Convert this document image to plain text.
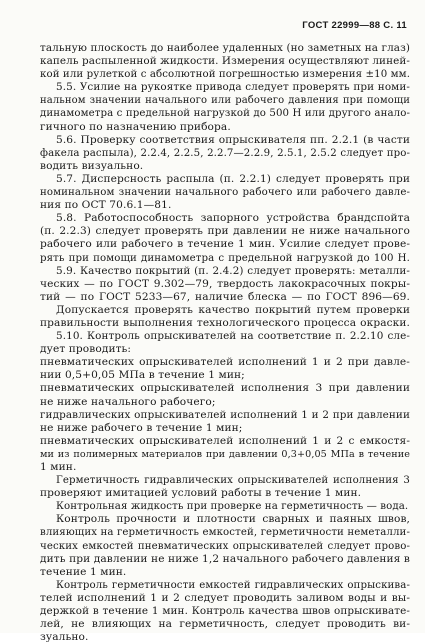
ГОСТ 22999—88 С. 11
тальную плоскость до наиболее удаленных (но заметных на глаз)
капель распыленной жидкости. Измерения осуществляют линей-
кой или рулеткой с абсолютной погрешностью измерения ±10 мм.
5.5. Усилие на рукоятке привода следует проверять при номи-
нальном значении начального или рабочего давления при помощи
динамометра с предельной нагрузкой до 500 Н или другого анало-
гичного по назначению прибора.
5.6. Проверку соответствия опрыскивателя пп. 2.2.1 (в части
факела распыла), 2.2.4, 2.2.5, 2.2.7—2.2.9, 2.5.1, 2.5.2 следует про-
водить визуально.
5.7. Дисперсность распыла (п. 2.2.1) следует проверять при
номинальном значении начального рабочего или рабочего давле-
ния по ОСТ 70.6.1—81.
5.8. Работоспособность запорного устройства брандспойта
(п. 2.2.3) следует проверять при давлении не ниже начального
рабочего или рабочего в течение 1 мин. Усилие следует прове-
рять при помощи динамометра с предельной нагрузкой до 100 Н.
5.9. Качество покрытий (п. 2.4.2) следует проверять: металли-
ческих — по ГОСТ 9.302—79, твердость лакокрасочных покры-
тий — по ГОСТ 5233—67, наличие блеска — по ГОСТ 896—69.
Допускается проверять качество покрытий путем проверки
правильности выполнения технологического процесса окраски.
5.10. Контроль опрыскивателей на соответствие п. 2.2.10 сле-
дует проводить:
пневматических опрыскивателей исполнений 1 и 2 при давле-
нии 0,5+0,05 МПа в течение 1 мин;
пневматических опрыскивателей исполнения 3 при давлении
не ниже начального рабочего;
гидравлических опрыскивателей исполнений 1 и 2 при давлении
не ниже рабочего в течение 1 мин;
пневматических опрыскивателей исполнений 1 и 2 с емкостя-
ми из полимерных материалов при давлении 0,3+0,05 МПа в течение
1 мин.
Герметичность гидравлических опрыскивателей исполнения 3
проверяют имитацией условий работы в течение 1 мин.
Контрольная жидкость при проверке на герметичность — вода.
Контроль прочности и плотности сварных и паяных швов,
влияющих на герметичность емкостей, герметичности неметалли-
ческих емкостей пневматических опрыскивателей следует прово-
дить при давлении не ниже 1,2 начального рабочего давления в
течение 1 мин.
Контроль герметичности емкостей гидравлических опрыскива-
телей исполнений 1 и 2 следует проводить заливом воды и вы-
держкой в течение 1 мин. Контроль качества швов опрыскивате-
лей, не влияющих на герметичность, следует проводить ви-
зуально.
